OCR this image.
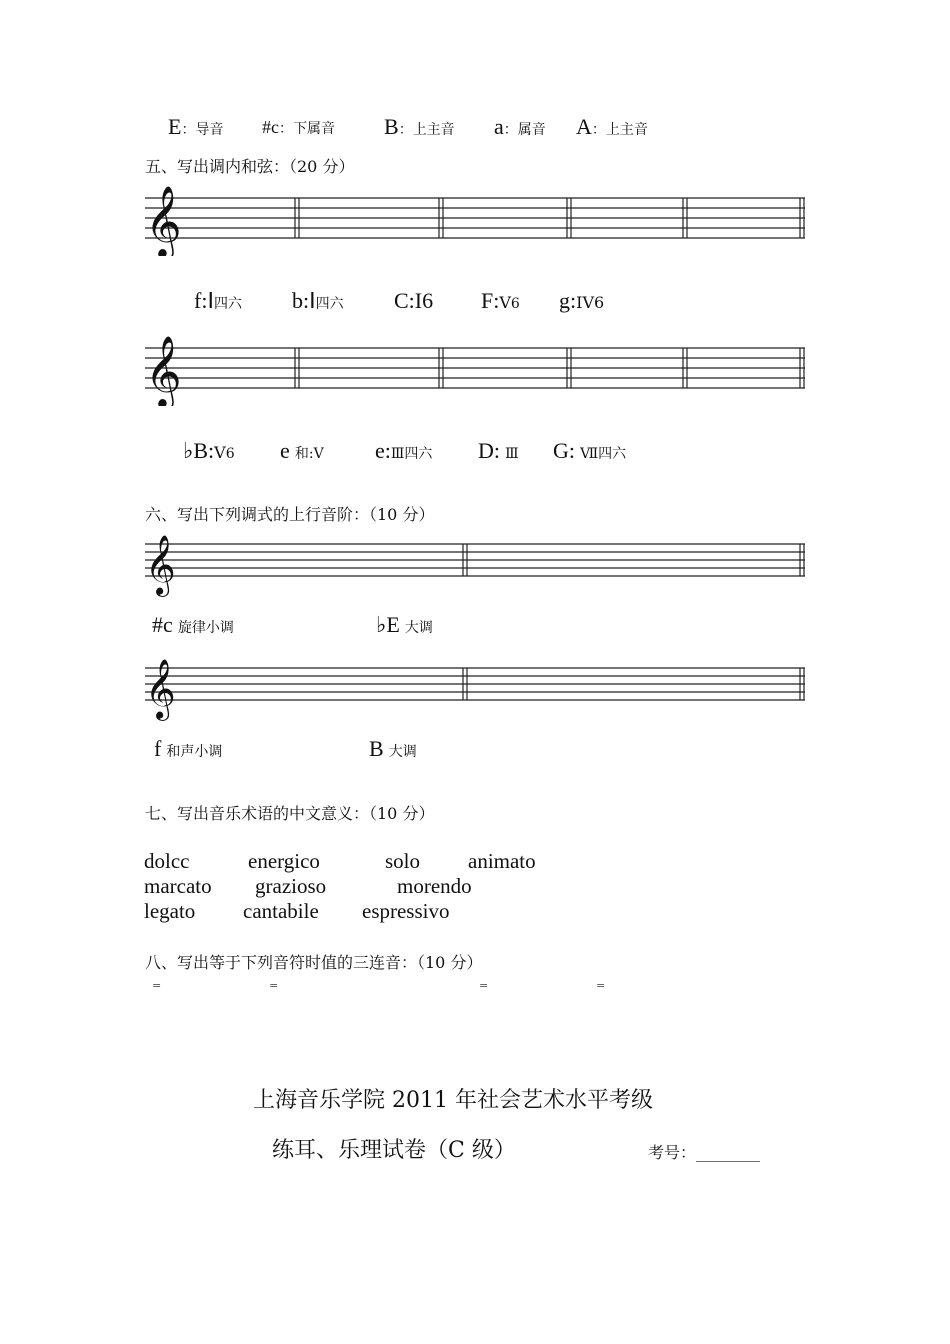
E：导音 #c：下属音 B：上主音 a：属音 A：上主音
五、写出调内和弦：（20 分）
𝄞
f:Ⅰ四六 b:Ⅰ四六 C:I6 F:V6 g:IV6
𝄞
♭B:V6 e 和:V e:Ⅲ四六 D: Ⅲ G: Ⅶ四六
六、写出下列调式的上行音阶：（10 分）
𝄞
#c 旋律小调	♭E 大调
𝄞
f 和声小调	B 大调
七、写出音乐术语的中文意义：（10 分）
dolcc	energico	solo animato
marcato grazioso	morendo
legato cantabile espressivo
八、写出等于下列音符时值的三连音：（10 分）
=	=	=	=
上海音乐学院 2011 年社会艺术水平考级
练耳、乐理试卷（C 级）	考号：________
